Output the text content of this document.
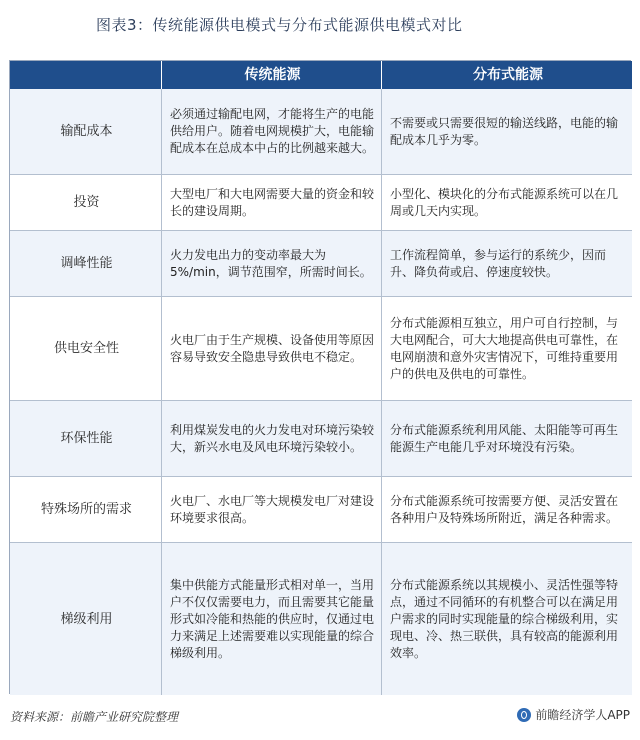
图表3：传统能源供电模式与分布式能源供电模式对比
传统能源	分布式能源
输配成本
必须通过输配电网，才能将生产的电能供给用户。随着电网规模扩大，电能输配成本在总成本中占的比例越来越大。
不需要或只需要很短的输送线路，电能的输配成本几乎为零。
投资
大型电厂和大电网需要大量的资金和较长的建设周期。
小型化、模块化的分布式能源系统可以在几周或几天内实现。
调峰性能
火力发电出力的变动率最大为5%/min，调节范围窄，所需时间长。
工作流程简单，参与运行的系统少，因而升、降负荷或启、停速度较快。
供电安全性
火电厂由于生产规模、设备使用等原因容易导致安全隐患导致供电不稳定。
分布式能源相互独立，用户可自行控制，与大电网配合，可大大地提高供电可靠性，在电网崩溃和意外灾害情况下，可维持重要用户的供电及供电的可靠性。
环保性能
利用煤炭发电的火力发电对环境污染较大，新兴水电及风电环境污染较小。
分布式能源系统利用风能、太阳能等可再生能源生产电能几乎对环境没有污染。
特殊场所的需求
火电厂、水电厂等大规模发电厂对建设环境要求很高。
分布式能源系统可按需要方便、灵活安置在各种用户及特殊场所附近，满足各种需求。
梯级利用
集中供能方式能量形式相对单一，当用户不仅仅需要电力，而且需要其它能量形式如冷能和热能的供应时，仅通过电力来满足上述需要难以实现能量的综合梯级利用。
分布式能源系统以其规模小、灵活性强等特点，通过不同循环的有机整合可以在满足用户需求的同时实现能量的综合梯级利用，实现电、冷、热三联供，具有较高的能源利用效率。
资料来源：前瞻产业研究院整理	前瞻经济学人APP
